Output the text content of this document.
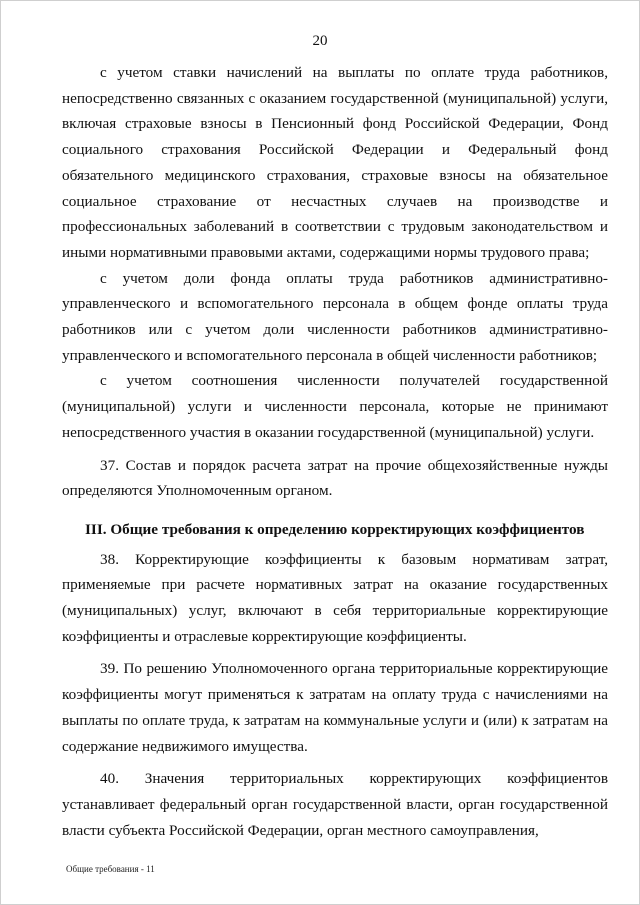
20

с учетом ставки начислений на выплаты по оплате труда работников, непосредственно связанных с оказанием государственной (муниципальной) услуги, включая страховые взносы в Пенсионный фонд Российской Федерации, Фонд социального страхования Российской Федерации и Федеральный фонд обязательного медицинского страхования, страховые взносы на обязательное социальное страхование от несчастных случаев на производстве и профессиональных заболеваний в соответствии с трудовым законодательством и иными нормативными правовыми актами, содержащими нормы трудового права;

с учетом доли фонда оплаты труда работников административно-управленческого и вспомогательного персонала в общем фонде оплаты труда работников или с учетом доли численности работников административно-управленческого и вспомогательного персонала в общей численности работников;

с учетом соотношения численности получателей государственной (муниципальной) услуги и численности персонала, которые не принимают непосредственного участия в оказании государственной (муниципальной) услуги.

37. Состав и порядок расчета затрат на прочие общехозяйственные нужды определяются Уполномоченным органом.

III. Общие требования к определению корректирующих коэффициентов

38. Корректирующие коэффициенты к базовым нормативам затрат, применяемые при расчете нормативных затрат на оказание государственных (муниципальных) услуг, включают в себя территориальные корректирующие коэффициенты и отраслевые корректирующие коэффициенты.

39. По решению Уполномоченного органа территориальные корректирующие коэффициенты могут применяться к затратам на оплату труда с начислениями на выплаты по оплате труда, к затратам на коммунальные услуги и (или) к затратам на содержание недвижимого имущества.

40. Значения территориальных корректирующих коэффициентов устанавливает федеральный орган государственной власти, орган государственной власти субъекта Российской Федерации, орган местного самоуправления,

Общие требования - 11
